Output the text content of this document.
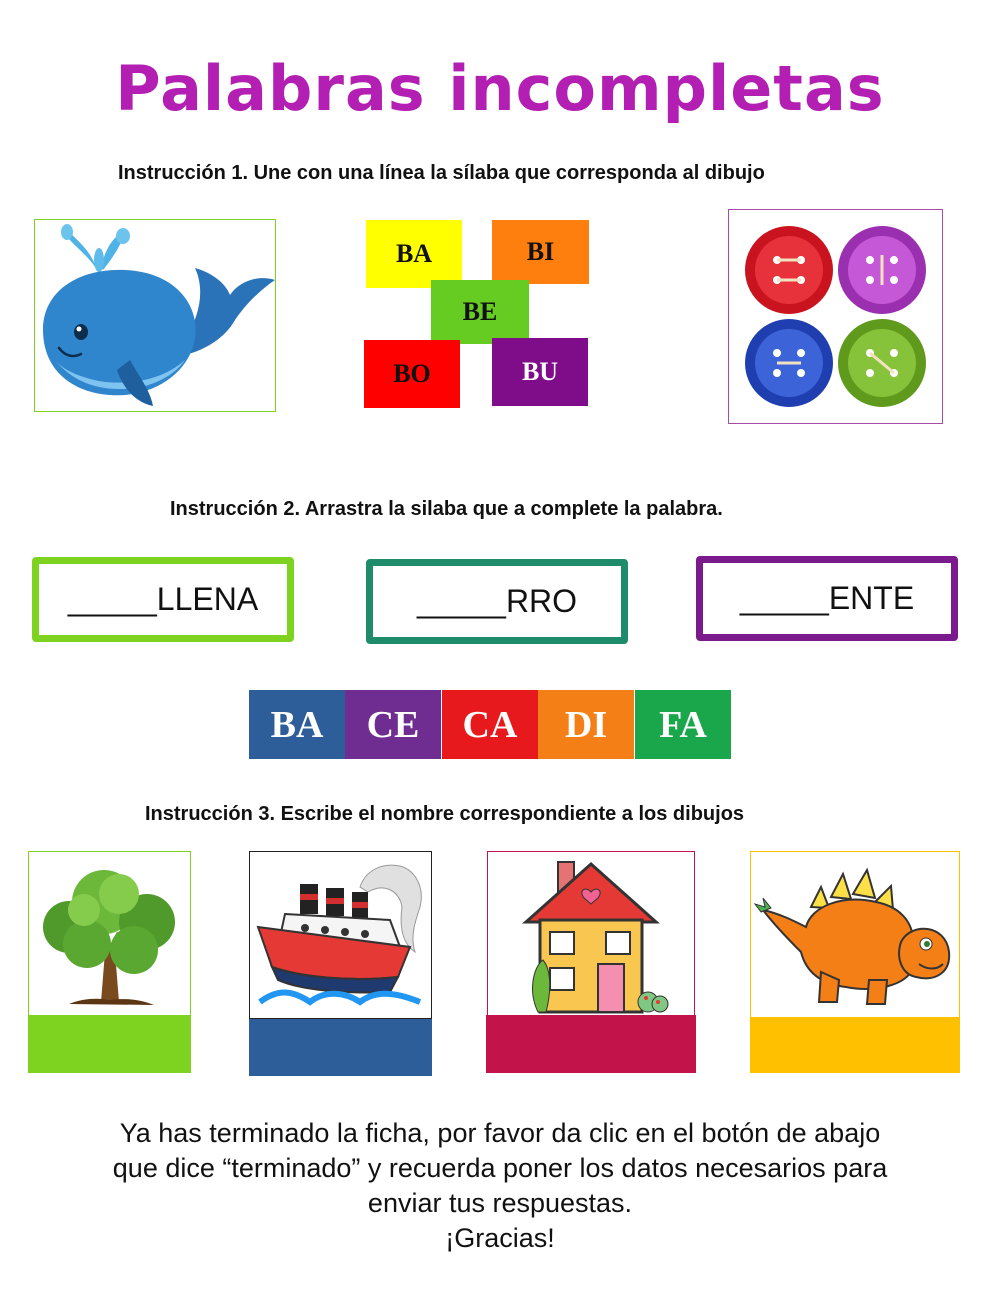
Palabras incompletas
Instrucción 1. Une con una línea la sílaba que corresponda al dibujo
BA	BI
BE
BO	BU
Instrucción 2. Arrastra la silaba que a complete la palabra.
_____LLENA	_____RRO	_____ENTE
BA	CE	CA	DI	FA
Instrucción 3. Escribe el nombre correspondiente a los dibujos
Ya has terminado la ficha, por favor da clic en el botón de abajo
que dice “terminado” y recuerda poner los datos necesarios para
enviar tus respuestas.
¡Gracias!
